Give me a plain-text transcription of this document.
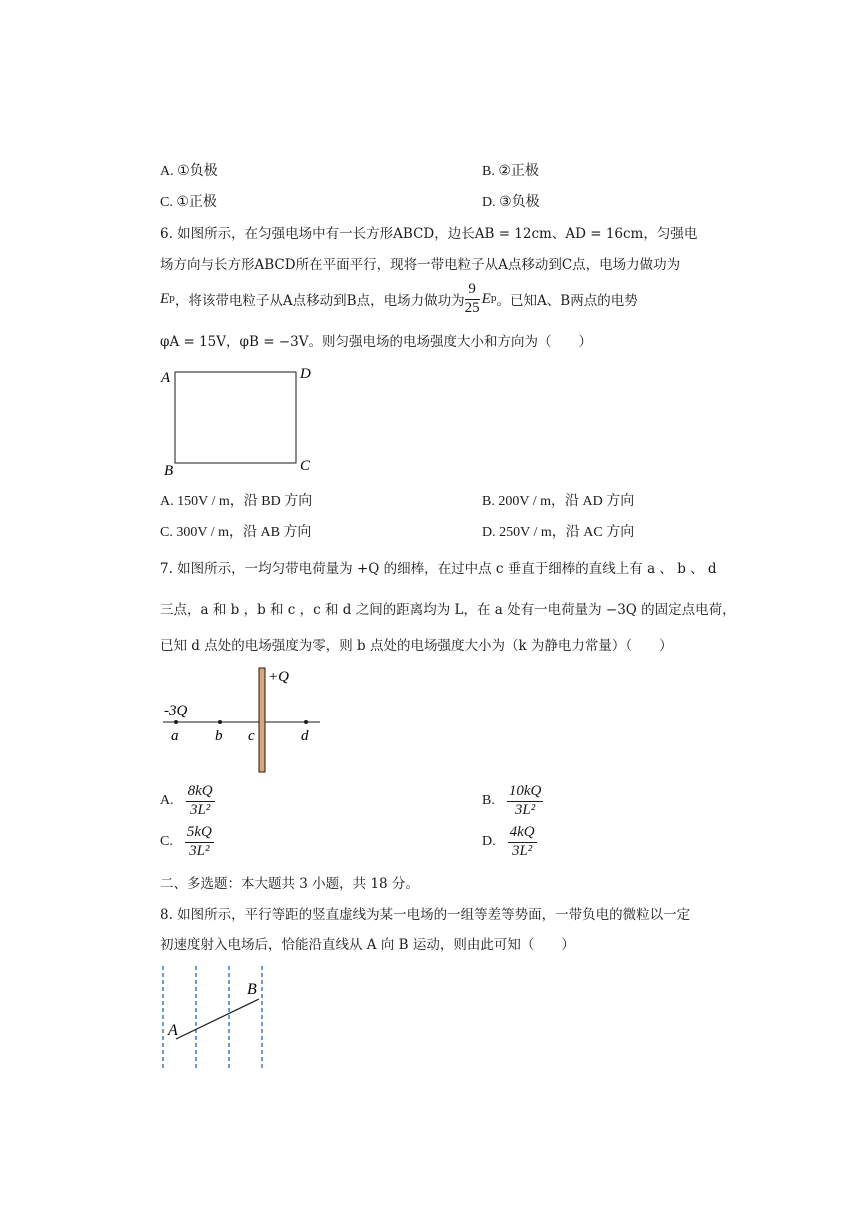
A. ①负极	B. ②正极
C. ①正极	D. ③负极
6. 如图所示，在匀强电场中有一长方形ABCD，边长AB = 12cm、AD = 16cm，匀强电
场方向与长方形ABCD所在平面平行，现将一带电粒子从A点移动到C点，电场力做功为
E p ，将该带电粒子从A点移动到B点，电场力做功为 $\frac{9}{25}$ E p 。已知A、B两点的电势
φA = 15V，φB = −3V。则匀强电场的电场强度大小和方向为（　　）
A	D
B	C
A. 150V / m，沿 BD 方向	B. 200V / m，沿 AD 方向
C. 300V / m，沿 AB 方向	D. 250V / m，沿 AC 方向
7. 如图所示，一均匀带电荷量为 +Q 的细棒，在过中点 c 垂直于细棒的直线上有 a 、 b 、 d
三点，a 和 b ，b 和 c ，c 和 d 之间的距离均为 L，在 a 处有一电荷量为 −3Q 的固定点电荷，
已知 d 点处的电场强度为零，则 b 点处的电场强度大小为（k 为静电力常量）（　　）
+Q
-3Q
a b c	d
A. $\frac{8kQ}{\text{3L²}}$	B. $\frac{10kQ}{\text{3L²}}$
C. $\frac{5kQ}{\text{3L²}}$	D. $\frac{4kQ}{\text{3L²}}$
二、多选题：本大题共 3 小题，共 18 分。
8. 如图所示，平行等距的竖直虚线为某一电场的一组等差等势面，一带负电的微粒以一定
初速度射入电场后，恰能沿直线从 A 向 B 运动，则由此可知（　　）
A
B
